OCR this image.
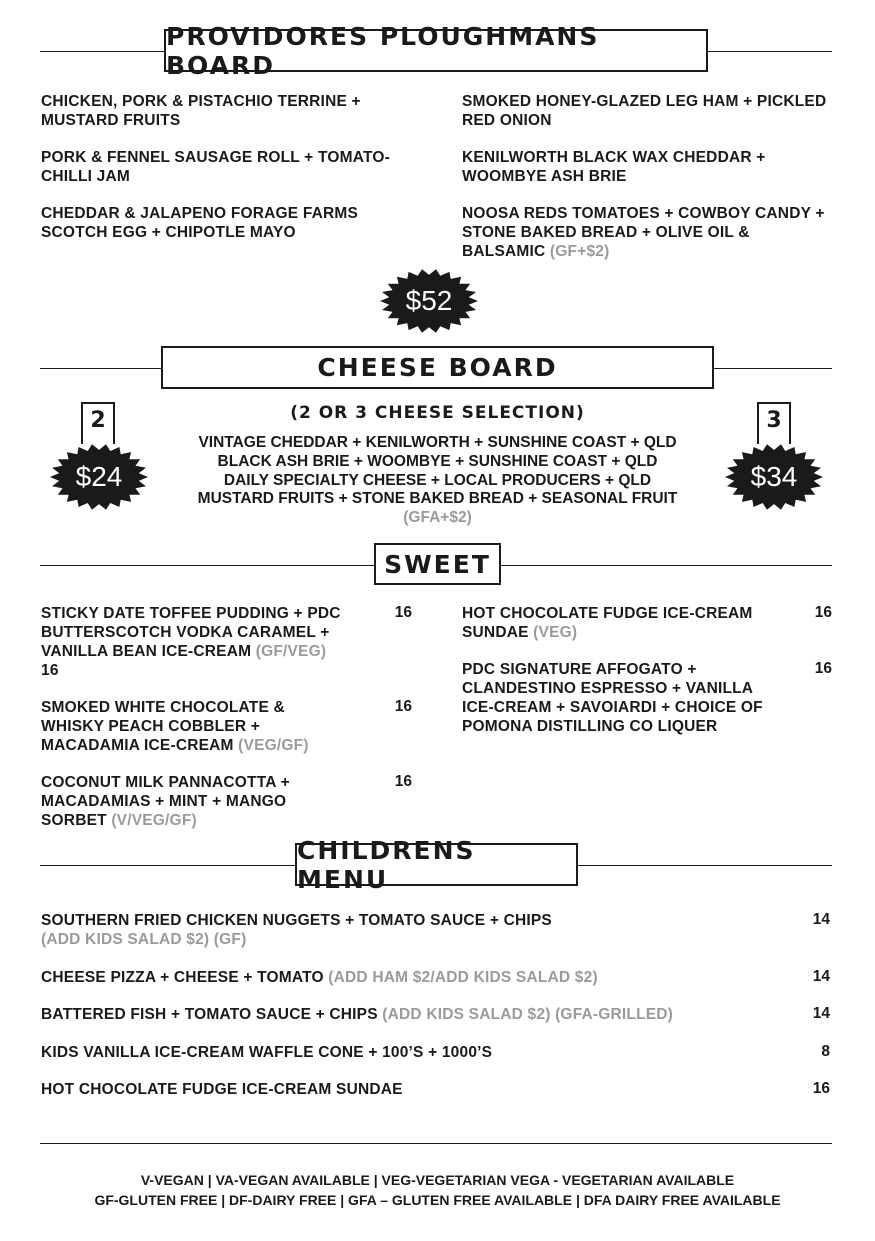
PROVIDORES PLOUGHMANS BOARD
CHICKEN, PORK & PISTACHIO TERRINE + MUSTARD FRUITS
PORK & FENNEL SAUSAGE ROLL + TOMATO-CHILLI JAM
CHEDDAR & JALAPENO FORAGE FARMS SCOTCH EGG + CHIPOTLE MAYO
SMOKED HONEY-GLAZED LEG HAM + PICKLED RED ONION
KENILWORTH BLACK WAX CHEDDAR + WOOMBYE ASH BRIE
NOOSA REDS TOMATOES + COWBOY CANDY + STONE BAKED BREAD + OLIVE OIL & BALSAMIC (GF+$2)
$52
CHEESE BOARD
(2 OR 3 CHEESE SELECTION)
VINTAGE CHEDDAR + KENILWORTH + SUNSHINE COAST + QLD
BLACK ASH BRIE + WOOMBYE + SUNSHINE COAST + QLD
DAILY SPECIALTY CHEESE + LOCAL PRODUCERS + QLD
MUSTARD FRUITS + STONE BAKED BREAD + SEASONAL FRUIT
(GFA+$2)
2
$24
3
$34
SWEET
STICKY DATE TOFFEE PUDDING + PDC BUTTERSCOTCH VODKA CARAMEL + VANILLA BEAN ICE-CREAM (GF/VEG) 16
16
SMOKED WHITE CHOCOLATE & WHISKY PEACH COBBLER + MACADAMIA ICE-CREAM (VEG/GF)
16
COCONUT MILK PANNACOTTA + MACADAMIAS + MINT + MANGO SORBET (V/VEG/GF)
16
HOT CHOCOLATE FUDGE ICE-CREAM SUNDAE (VEG)
16
PDC SIGNATURE AFFOGATO + CLANDESTINO ESPRESSO + VANILLA ICE-CREAM + SAVOIARDI + CHOICE OF POMONA DISTILLING CO LIQUER
16
CHILDRENS MENU
SOUTHERN FRIED CHICKEN NUGGETS + TOMATO SAUCE + CHIPS
(ADD KIDS SALAD $2) (GF)
14
CHEESE PIZZA + CHEESE + TOMATO (ADD HAM $2/ADD KIDS SALAD $2)	14
BATTERED FISH + TOMATO SAUCE + CHIPS (ADD KIDS SALAD $2) (GFA-GRILLED)	14
KIDS VANILLA ICE-CREAM WAFFLE CONE + 100’S + 1000’S	8
HOT CHOCOLATE FUDGE ICE-CREAM SUNDAE	16
V-VEGAN | VA-VEGAN AVAILABLE | VEG-VEGETARIAN VEGA - VEGETARIAN AVAILABLE
GF-GLUTEN FREE | DF-DAIRY FREE | GFA – GLUTEN FREE AVAILABLE | DFA DAIRY FREE AVAILABLE
